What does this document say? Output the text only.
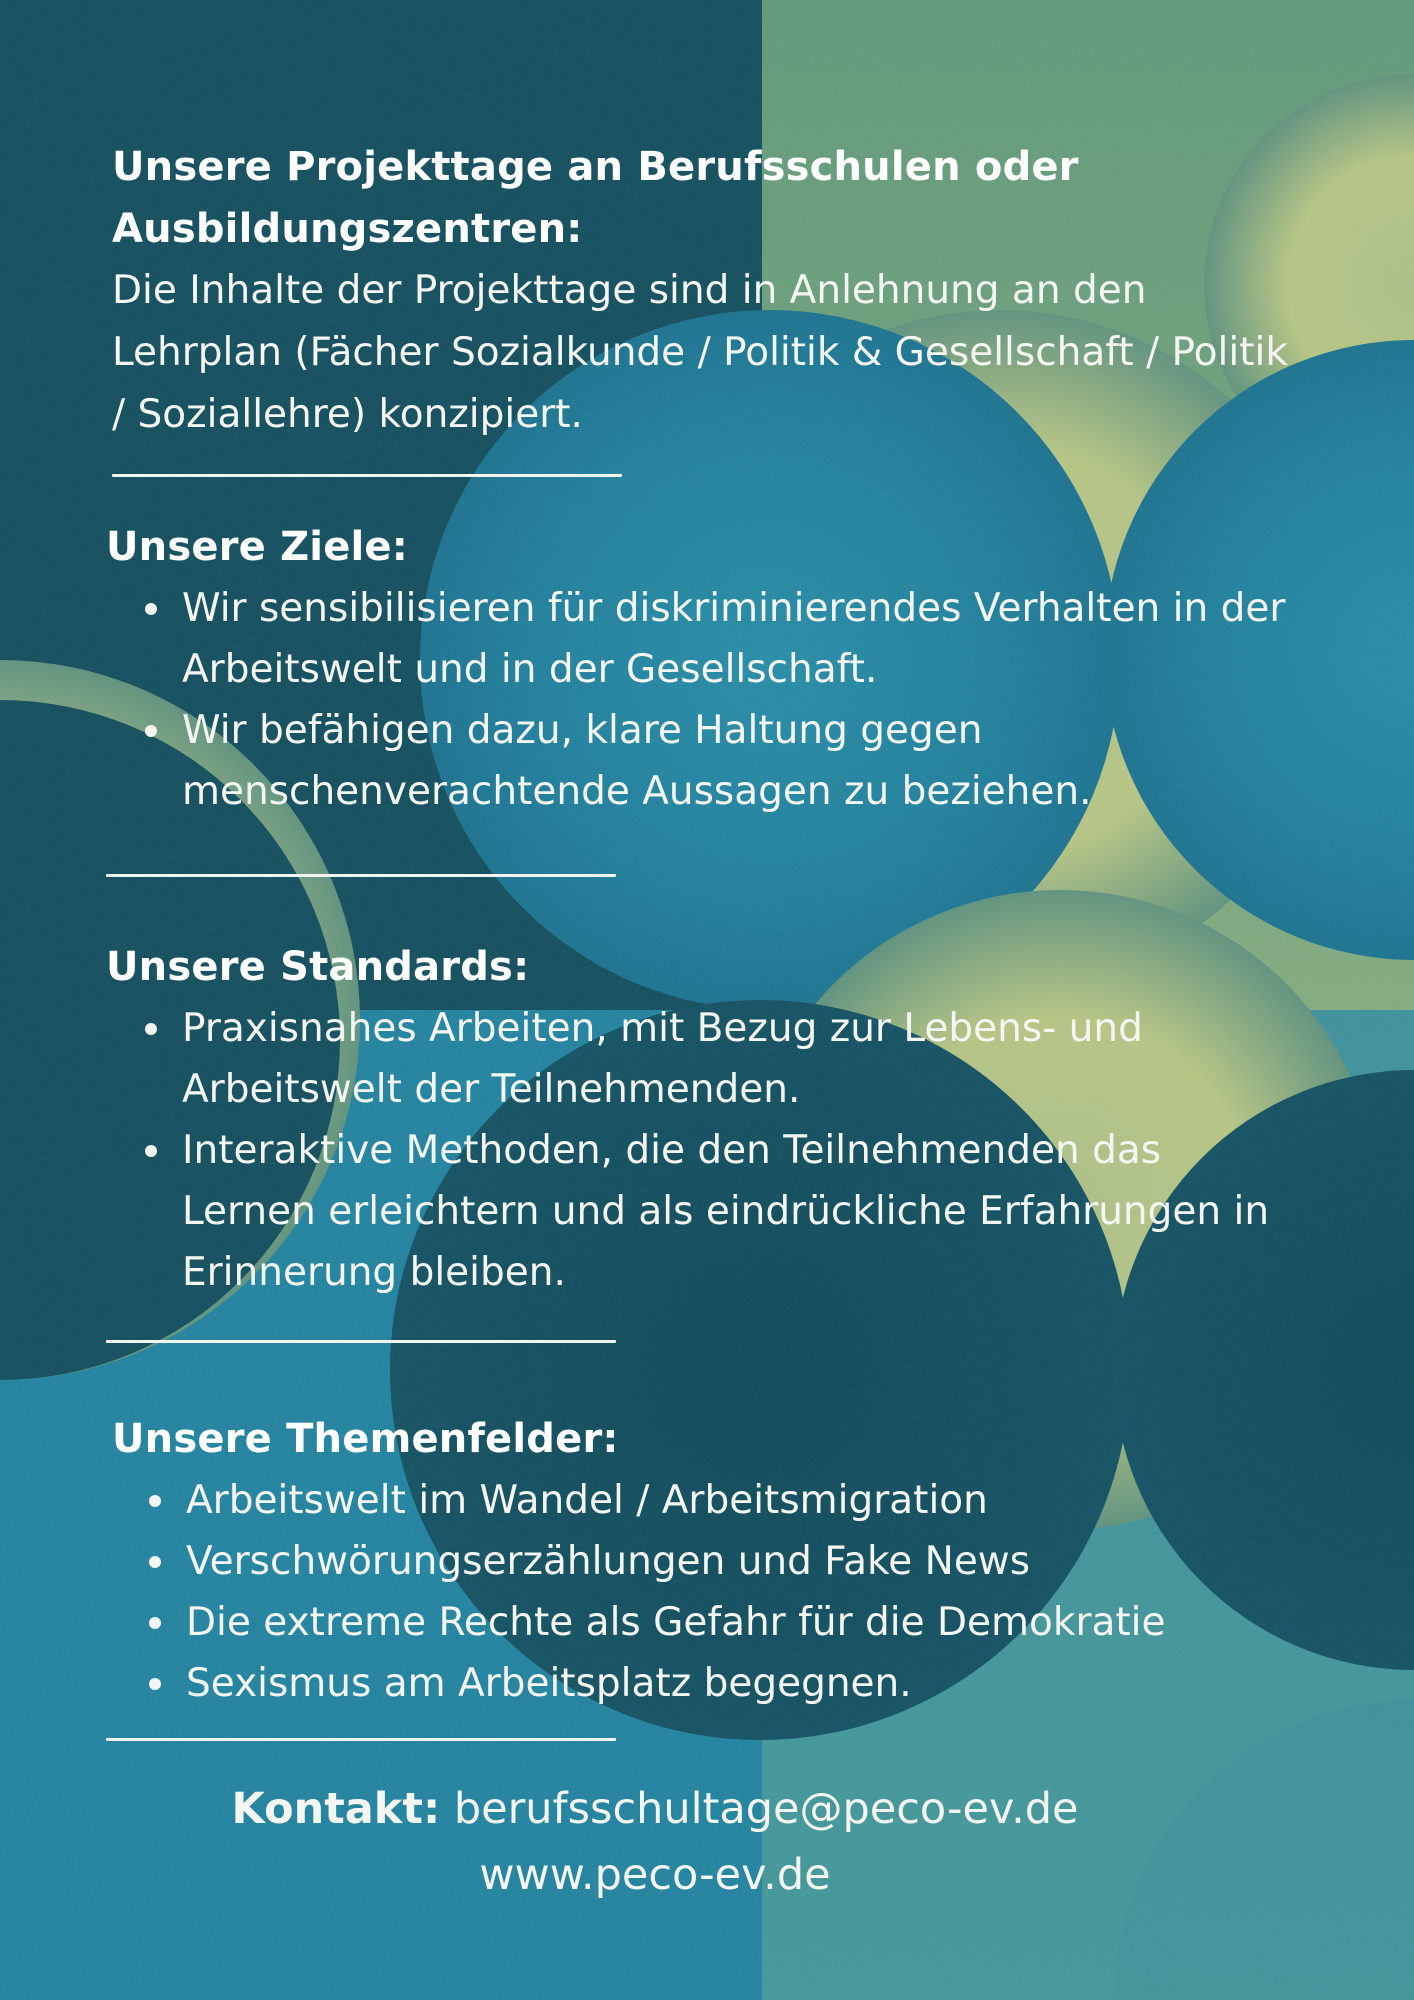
Unsere Projekttage an Berufsschulen oder Ausbildungszentren:

Die Inhalte der Projekttage sind in Anlehnung an den Lehrplan (Fächer Sozialkunde / Politik & Gesellschaft / Politik / Soziallehre) konzipiert.

Unsere Ziele:
Wir sensibilisieren für diskriminierendes Verhalten in der Arbeitswelt und in der Gesellschaft.
Wir befähigen dazu, klare Haltung gegen menschenverachtende Aussagen zu beziehen.
Unsere Standards:
Praxisnahes Arbeiten, mit Bezug zur Lebens- und Arbeitswelt der Teilnehmenden.
Interaktive Methoden, die den Teilnehmenden das Lernen erleichtern und als eindrückliche Erfahrungen in Erinnerung bleiben.
Unsere Themenfelder:
Arbeitswelt im Wandel / Arbeitsmigration
Verschwörungserzählungen und Fake News
Die extreme Rechte als Gefahr für die Demokratie
Sexismus am Arbeitsplatz begegnen.

Kontakt: berufsschultage@peco-ev.de

www.peco-ev.de
